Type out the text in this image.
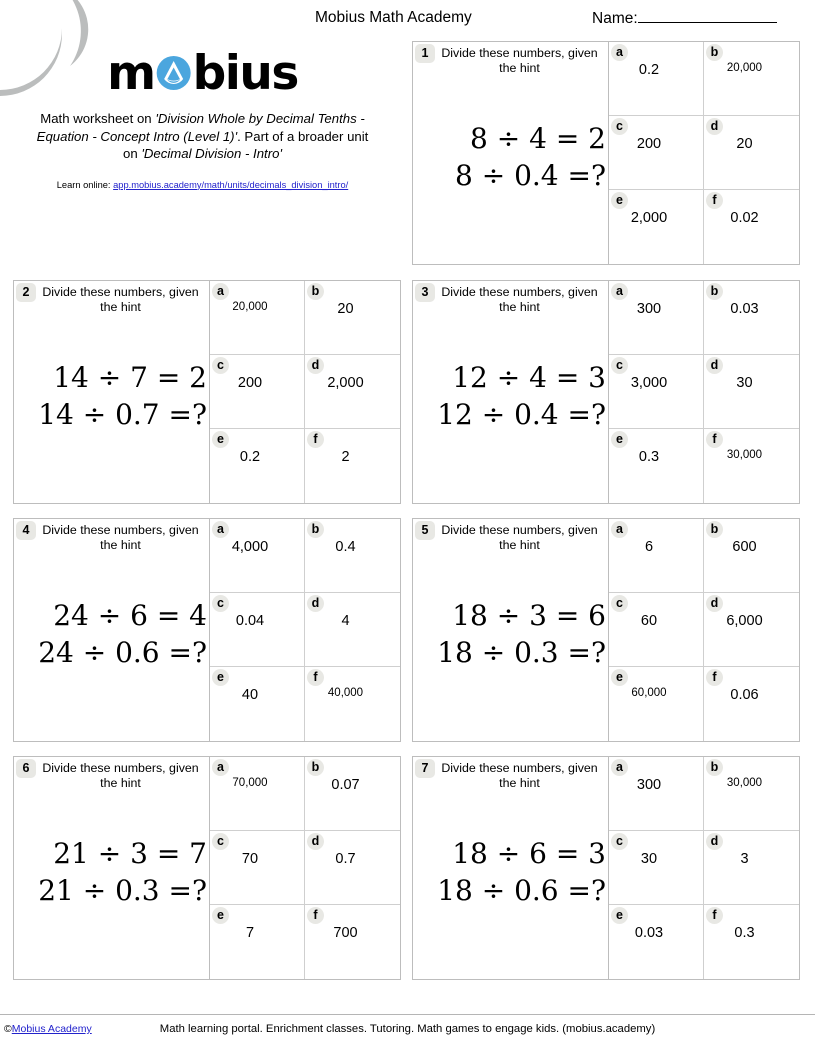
Mobius Math Academy	Name:
m bius
Math worksheet on 'Division Whole by Decimal Tenths - Equation - Concept Intro (Level 1)'. Part of a broader unit on 'Decimal Division - Intro'
Learn online: app.mobius.academy/math/units/decimals_division_intro/
1	Divide these numbers, given the hint
8 ÷ 4 = 2
8 ÷ 0.4 =?
a
0.2
b
20,000
c
200
d
20
e
2,000
f
0.02
2	Divide these numbers, given the hint
14 ÷ 7 = 2
14 ÷ 0.7 =?
a
20,000
b
20
c
200
d
2,000
e
0.2
f
2
3	Divide these numbers, given the hint
12 ÷ 4 = 3
12 ÷ 0.4 =?
a
300
b
0.03
c
3,000
d
30
e
0.3
f
30,000
4	Divide these numbers, given the hint
24 ÷ 6 = 4
24 ÷ 0.6 =?
a
4,000
b
0.4
c
0.04
d
4
e
40
f
40,000
5	Divide these numbers, given the hint
18 ÷ 3 = 6
18 ÷ 0.3 =?
a
6
b
600
c
60
d
6,000
e
60,000
f
0.06
6	Divide these numbers, given the hint
21 ÷ 3 = 7
21 ÷ 0.3 =?
a
70,000
b
0.07
c
70
d
0.7
e
7
f
700
7	Divide these numbers, given the hint
18 ÷ 6 = 3
18 ÷ 0.6 =?
a
300
b
30,000
c
30
d
3
e
0.03
f
0.3
©Mobius Academy	Math learning portal. Enrichment classes. Tutoring. Math games to engage kids. (mobius.academy)
